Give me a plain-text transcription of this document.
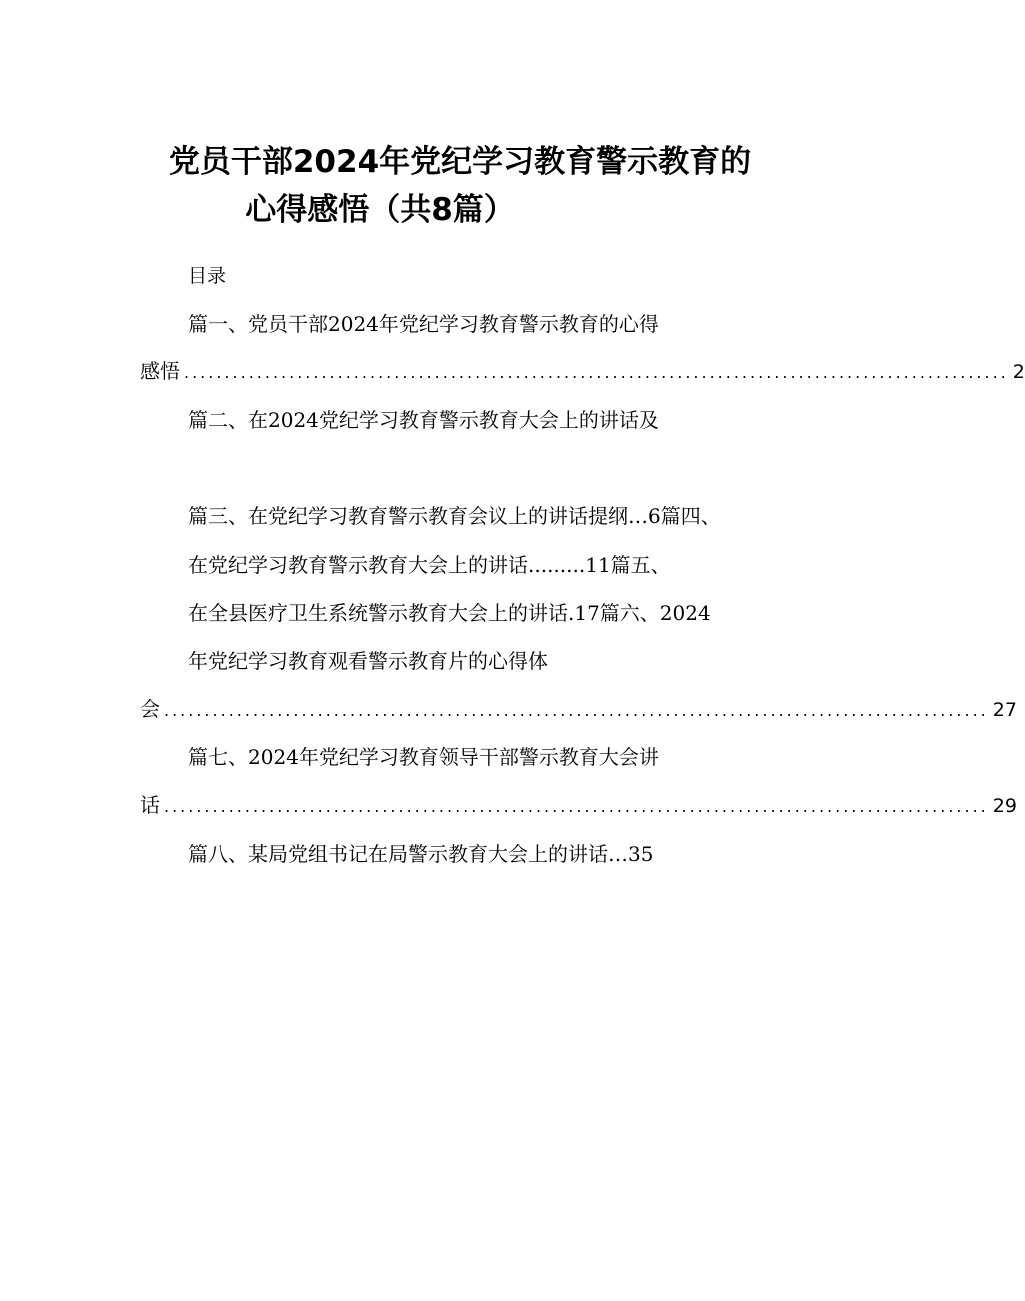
党员干部2024年党纪学习教育警示教育的
心得感悟（共8篇）
目录
篇一、党员干部2024年党纪学习教育警示教育的心得
感悟 ...................................................................................................... 2
篇二、在2024党纪学习教育警示教育大会上的讲话及
篇三、在党纪学习教育警示教育会议上的讲话提纲…6篇四、
在党纪学习教育警示教育大会上的讲话.........11篇五、
在全县医疗卫生系统警示教育大会上的讲话.17篇六、2024
年党纪学习教育观看警示教育片的心得体
会 ...................................................................................................... 27
篇七、2024年党纪学习教育领导干部警示教育大会讲
话 ...................................................................................................... 29
篇八、某局党组书记在局警示教育大会上的讲话…35
